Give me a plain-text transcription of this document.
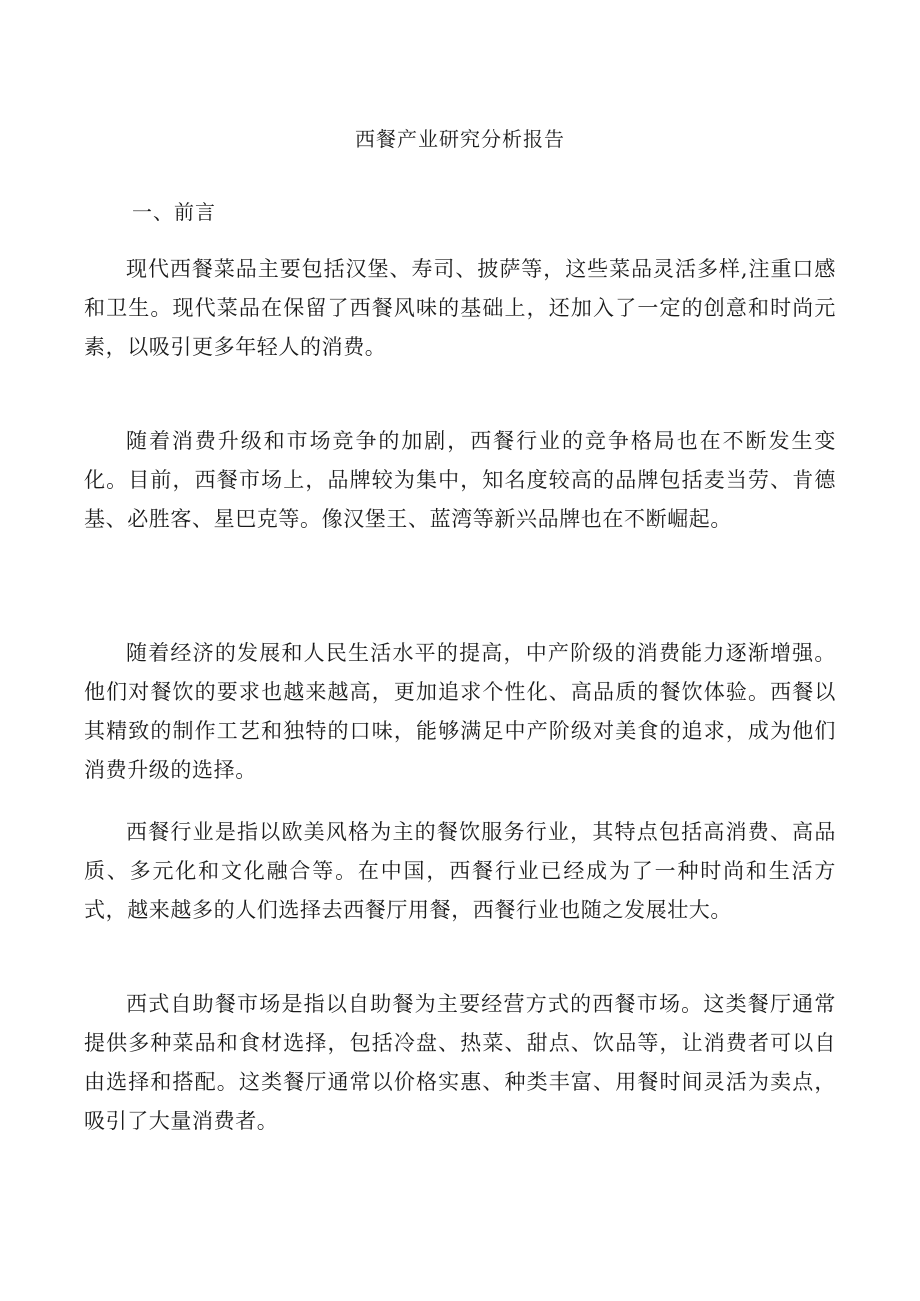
西餐产业研究分析报告
一、前言

现代西餐菜品主要包括汉堡、寿司、披萨等，这些菜品灵活多样,注重口感和卫生。现代菜品在保留了西餐风味的基础上，还加入了一定的创意和时尚元素，以吸引更多年轻人的消费。

随着消费升级和市场竞争的加剧，西餐行业的竞争格局也在不断发生变化。目前，西餐市场上，品牌较为集中，知名度较高的品牌包括麦当劳、肯德基、必胜客、星巴克等。像汉堡王、蓝湾等新兴品牌也在不断崛起。

随着经济的发展和人民生活水平的提高，中产阶级的消费能力逐渐增强。他们对餐饮的要求也越来越高，更加追求个性化、高品质的餐饮体验。西餐以其精致的制作工艺和独特的口味，能够满足中产阶级对美食的追求，成为他们消费升级的选择。

西餐行业是指以欧美风格为主的餐饮服务行业，其特点包括高消费、高品质、多元化和文化融合等。在中国，西餐行业已经成为了一种时尚和生活方式，越来越多的人们选择去西餐厅用餐，西餐行业也随之发展壮大。

西式自助餐市场是指以自助餐为主要经营方式的西餐市场。这类餐厅通常提供多种菜品和食材选择，包括冷盘、热菜、甜点、饮品等，让消费者可以自由选择和搭配。这类餐厅通常以价格实惠、种类丰富、用餐时间灵活为卖点，吸引了大量消费者。
